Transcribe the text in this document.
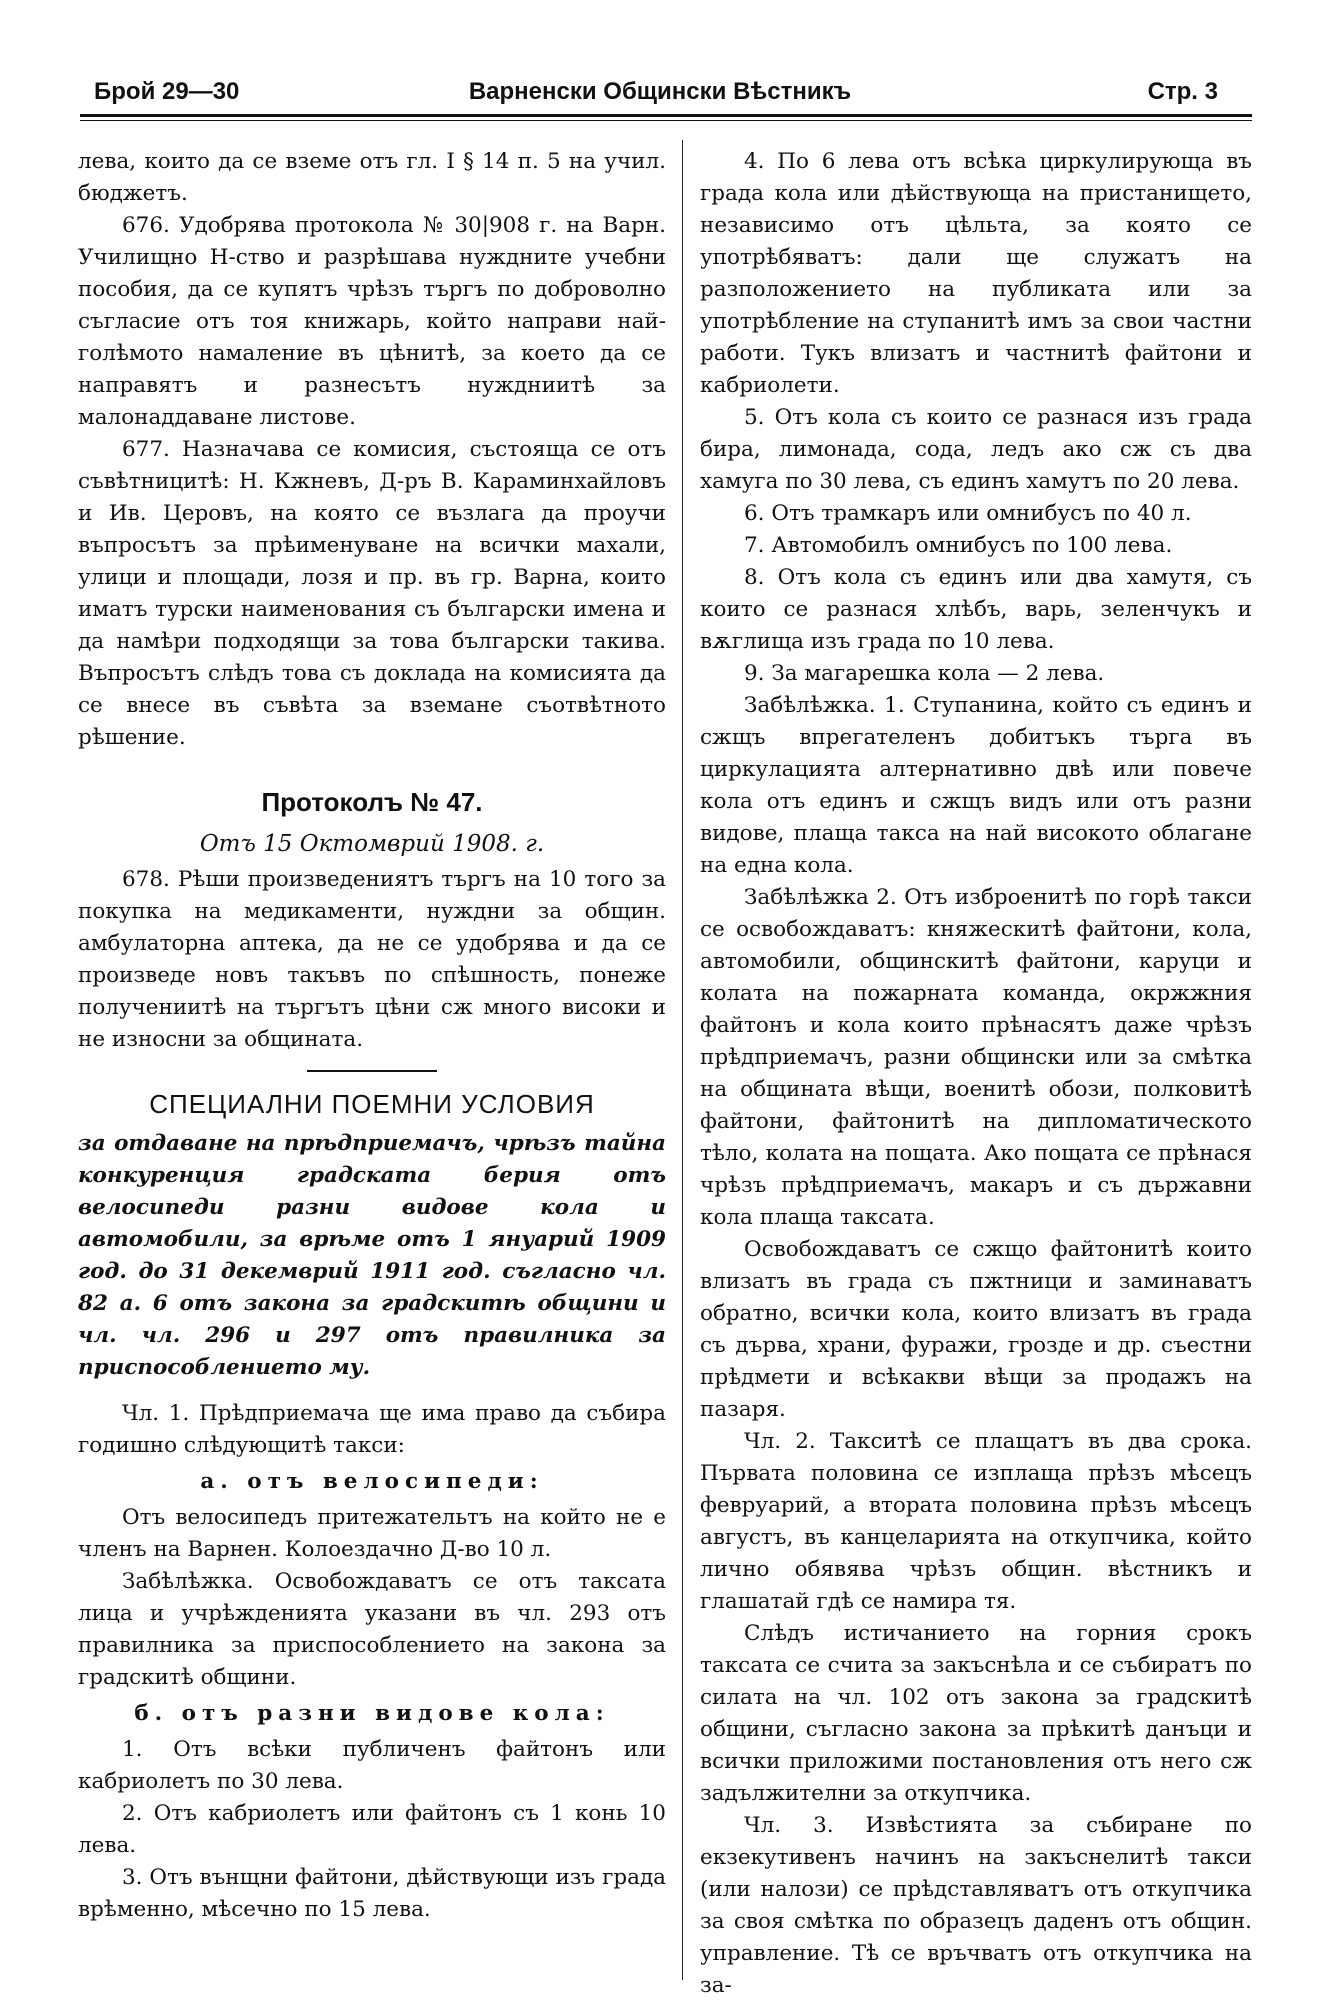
Брой 29—30	Варненски Общински Вѣстникъ	Стр. 3

лева, които да се вземе отъ гл. I § 14 п. 5 на учил. бюджетъ.

676. Удобрява протокола № 30|908 г. на Варн. Училищно Н-ство и разрѣшава нуждните учебни пособия, да се купятъ чрѣзъ търгъ по доброволно съгласие отъ тоя книжарь, който направи най-голѣмото намаление въ цѣнитѣ, за което да се направятъ и разнесътъ нуждниитѣ за малонаддаване листове.

677. Назначава се комисия, състояща се отъ съвѣтницитѣ: Н. Кжневъ, Д-ръ В. Караминхайловъ и Ив. Церовъ, на която се възлага да проучи въпросътъ за прѣименуване на всички махали, улици и площади, лозя и пр. въ гр. Варна, които иматъ турски наименования съ български имена и да намѣри подходящи за това български такива. Въпросътъ слѣдъ това съ доклада на комисията да се внесе въ съвѣта за вземане съотвѣтното рѣшение.

Протоколъ № 47.
Отъ 15 Октомврий 1908. г.

678. Рѣши произведениятъ търгъ на 10 того за покупка на медикаменти, нуждни за общин. амбулаторна аптека, да не се удобрява и да се произведе новъ такъвъ по спѣшность, понеже получениитѣ на търгътъ цѣни сж много високи и не износни за общината.

СПЕЦИАЛНИ ПОЕМНИ УСЛОВИЯ
за отдаване на прѣдприемачъ, чрѣзъ тайна конкуренция градската берия отъ велосипеди разни видове кола и автомобили, за врѣме отъ 1 януарий 1909 год. до 31 декемврий 1911 год. съгласно чл. 82 а. 6 отъ закона за градскитѣ общини и чл. чл. 296 и 297 отъ правилника за приспособлението му.

Чл. 1. Прѣдприемача ще има право да събира годишно слѣдующитѣ такси:

а. отъ велосипеди:

Отъ велосипедъ притежательтъ на който не е членъ на Варнен. Колоездачно Д-во 10 л.

Забѣлѣжка. Освобождаватъ се отъ таксата лица и учрѣжденията указани въ чл. 293 отъ правилника за приспособлението на закона за градскитѣ общини.

б. отъ разни видове кола:

1. Отъ всѣки публиченъ файтонъ или кабриолетъ по 30 лева.

2. Отъ кабриолетъ или файтонъ съ 1 конь 10 лева.

3. Отъ вънщни файтони, дѣйствующи изъ града врѣменно, мѣсечно по 15 лева.

4. По 6 лева отъ всѣка циркулирующа въ града кола или дѣйствующа на пристанището, независимо отъ цѣльта, за която се употрѣбяватъ: дали ще служатъ на разположението на публиката или за употрѣбление на ступанитѣ имъ за свои частни работи. Тукъ влизатъ и частнитѣ файтони и кабриолети.

5. Отъ кола съ които се разнася изъ града бира, лимонада, сода, ледъ ако сж съ два хамуга по 30 лева, съ единъ хамутъ по 20 лева.

6. Отъ трамкаръ или омнибусъ по 40 л.

7. Автомобилъ омнибусъ по 100 лева.

8. Отъ кола съ единъ или два хамутя, съ които се разнася хлѣбъ, варь, зеленчукъ и вѫглища изъ града по 10 лева.

9. За магарешка кола — 2 лева.

Забѣлѣжка. 1. Ступанина, който съ единъ и сжщъ впрегателенъ добитъкъ търга въ циркулацията алтернативно двѣ или повече кола отъ единъ и сжщъ видъ или отъ разни видове, плаща такса на най високото облагане на една кола.

Забѣлѣжка 2. Отъ изброенитѣ по горѣ такси се освобождаватъ: княжескитѣ файтони, кола, автомобили, общинскитѣ файтони, каруци и колата на пожарната команда, окржжния файтонъ и кола които прѣнасятъ даже чрѣзъ прѣдприемачъ, разни общински или за смѣтка на общината вѣщи, военитѣ обози, полковитѣ файтони, файтонитѣ на дипломатическото тѣло, колата на пощата. Ако пощата се прѣнася чрѣзъ прѣдприемачъ, макаръ и съ държавни кола плаща таксата.

Освобождаватъ се сжщо файтонитѣ които влизатъ въ града съ пжтници и заминаватъ обратно, всички кола, които влизатъ въ града съ дърва, храни, фуражи, грозде и др. съестни прѣдмети и всѣкакви вѣщи за продажъ на пазаря.

Чл. 2. Такситѣ се плащатъ въ два срока. Първата половина се изплаща прѣзъ мѣсецъ февруарий, а втората половина прѣзъ мѣсецъ августъ, въ канцеларията на откупчика, който лично обявява чрѣзъ общин. вѣстникъ и глашатай гдѣ се намира тя.

Слѣдъ истичанието на горния срокъ таксата се счита за закъснѣла и се събиратъ по силата на чл. 102 отъ закона за градскитѣ общини, съгласно закона за прѣкитѣ данъци и всички приложими постановления отъ него сж задължителни за откупчика.

Чл. 3. Извѣстията за събиране по екзекутивенъ начинъ на закъснелитѣ такси (или налози) се прѣдставляватъ отъ откупчика за своя смѣтка по образецъ даденъ отъ общин. управление. Тѣ се връчватъ отъ откупчика на за-
